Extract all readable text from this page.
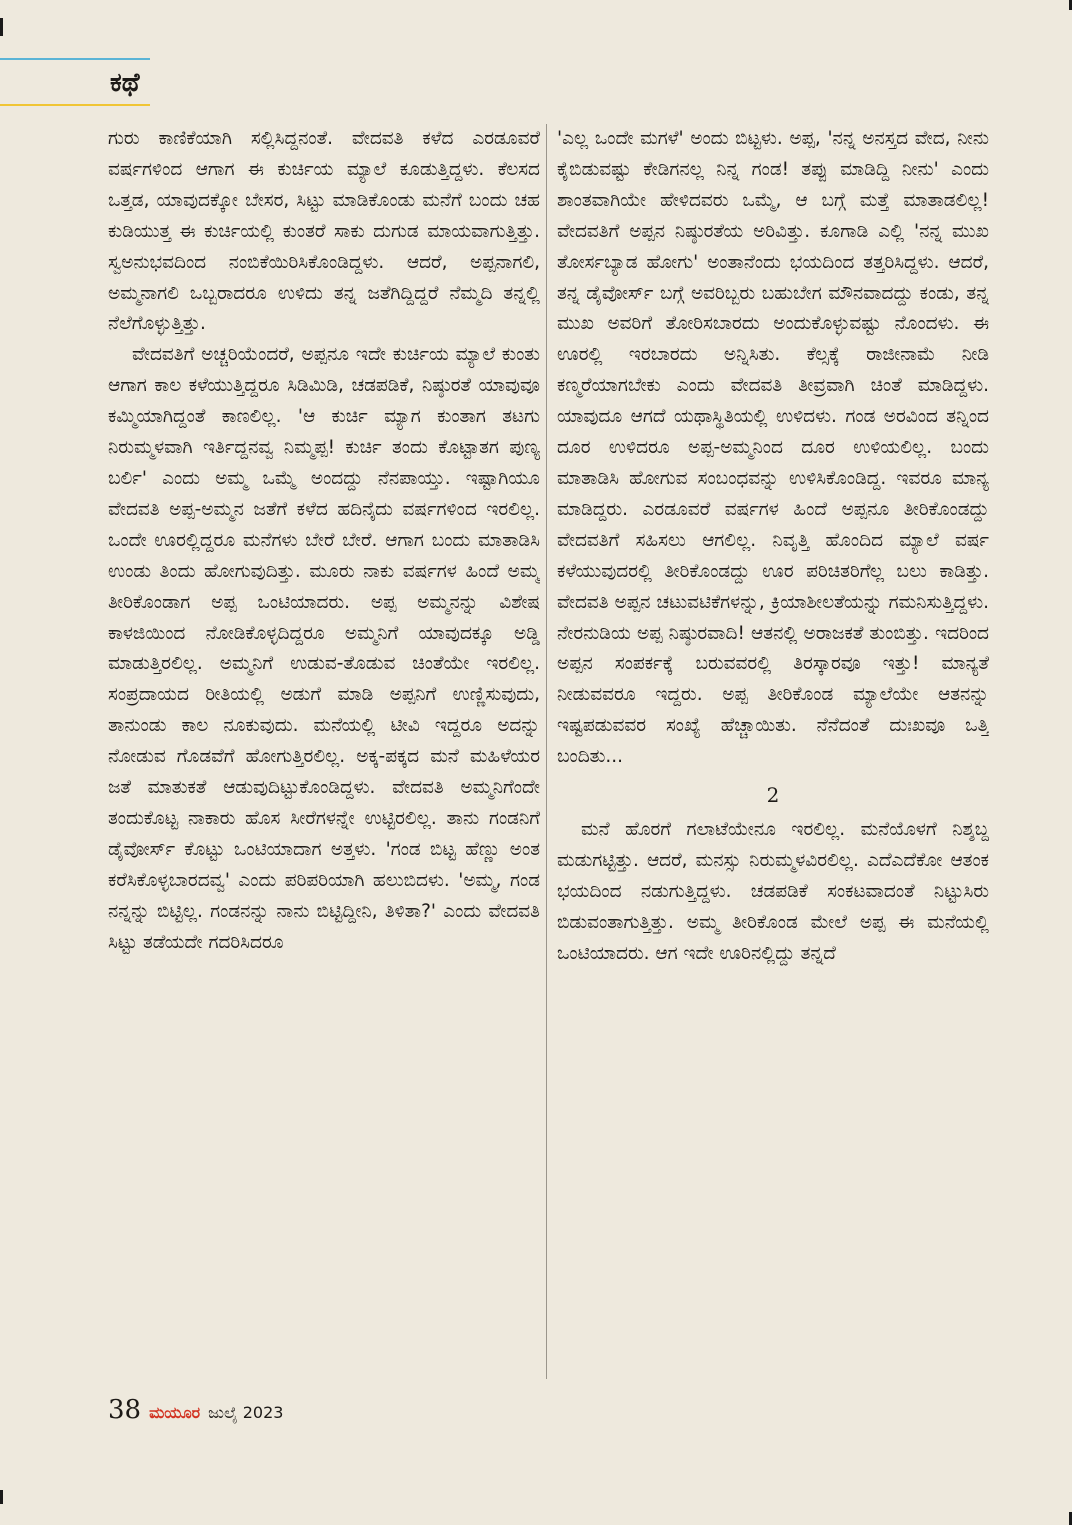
ಕಥೆ

ಗುರು ಕಾಣಿಕೆಯಾಗಿ ಸಲ್ಲಿಸಿದ್ದನಂತೆ. ವೇದವತಿ ಕಳೆದ ಎರಡೂವರೆ ವರ್ಷಗಳಿಂದ ಆಗಾಗ ಈ ಕುರ್ಚಿಯ ಮ್ಯಾಲೆ ಕೂಡುತ್ತಿದ್ದಳು. ಕೆಲಸದ ಒತ್ತಡ, ಯಾವುದಕ್ಕೋ ಬೇಸರ, ಸಿಟ್ಟು ಮಾಡಿಕೊಂಡು ಮನೆಗೆ ಬಂದು ಚಹ ಕುಡಿಯುತ್ತ ಈ ಕುರ್ಚಿಯಲ್ಲಿ ಕುಂತರೆ ಸಾಕು ದುಗುಡ ಮಾಯವಾಗುತ್ತಿತ್ತು. ಸ್ವಅನುಭವದಿಂದ ನಂಬಿಕೆಯಿರಿಸಿಕೊಂಡಿದ್ದಳು. ಆದರೆ, ಅಪ್ಪನಾಗಲಿ, ಅಮ್ಮನಾಗಲಿ ಒಬ್ಬರಾದರೂ ಉಳಿದು ತನ್ನ ಜತೆಗಿದ್ದಿದ್ದರೆ ನೆಮ್ಮದಿ ತನ್ನಲ್ಲಿ ನೆಲೆಗೊಳ್ಳುತ್ತಿತ್ತು.

ವೇದವತಿಗೆ ಅಚ್ಚರಿಯೆಂದರೆ, ಅಪ್ಪನೂ ಇದೇ ಕುರ್ಚಿಯ ಮ್ಯಾಲೆ ಕುಂತು ಆಗಾಗ ಕಾಲ ಕಳೆಯುತ್ತಿದ್ದರೂ ಸಿಡಿಮಿಡಿ, ಚಡಪಡಿಕೆ, ನಿಷ್ಠುರತೆ ಯಾವುವೂ ಕಮ್ಮಿಯಾಗಿದ್ದಂತೆ ಕಾಣಲಿಲ್ಲ. 'ಆ ಕುರ್ಚಿ ಮ್ಯಾಗ ಕುಂತಾಗ ತಟಗು ನಿರುಮ್ಮಳವಾಗಿ ಇರ್ತಿದ್ದನವ್ವ ನಿಮ್ಮಪ್ಪ! ಕುರ್ಚಿ ತಂದು ಕೊಟ್ಟಾತಗ ಪುಣ್ಯ ಬರ್ಲಿ' ಎಂದು ಅಮ್ಮ ಒಮ್ಮೆ ಅಂದದ್ದು ನೆನಪಾಯ್ತು. ಇಷ್ಟಾಗಿಯೂ ವೇದವತಿ ಅಪ್ಪ-ಅಮ್ಮನ ಜತೆಗೆ ಕಳೆದ ಹದಿನೈದು ವರ್ಷಗಳಿಂದ ಇರಲಿಲ್ಲ. ಒಂದೇ ಊರಲ್ಲಿದ್ದರೂ ಮನೆಗಳು ಬೇರೆ ಬೇರೆ. ಆಗಾಗ ಬಂದು ಮಾತಾಡಿಸಿ ಉಂಡು ತಿಂದು ಹೋಗುವುದಿತ್ತು. ಮೂರು ನಾಕು ವರ್ಷಗಳ ಹಿಂದೆ ಅಮ್ಮ ತೀರಿಕೊಂಡಾಗ ಅಪ್ಪ ಒಂಟಿಯಾದರು. ಅಪ್ಪ ಅಮ್ಮನನ್ನು ವಿಶೇಷ ಕಾಳಜಿಯಿಂದ ನೋಡಿಕೊಳ್ಳದಿದ್ದರೂ ಅಮ್ಮನಿಗೆ ಯಾವುದಕ್ಕೂ ಅಡ್ಡಿ ಮಾಡುತ್ತಿರಲಿಲ್ಲ. ಅಮ್ಮನಿಗೆ ಉಡುವ-ತೊಡುವ ಚಿಂತೆಯೇ ಇರಲಿಲ್ಲ. ಸಂಪ್ರದಾಯದ ರೀತಿಯಲ್ಲಿ ಅಡುಗೆ ಮಾಡಿ ಅಪ್ಪನಿಗೆ ಉಣ್ಣಿಸುವುದು, ತಾನುಂಡು ಕಾಲ ನೂಕುವುದು. ಮನೆಯಲ್ಲಿ ಟೀವಿ ಇದ್ದರೂ ಅದನ್ನು ನೋಡುವ ಗೊಡವೆಗೆ ಹೋಗುತ್ತಿರಲಿಲ್ಲ. ಅಕ್ಕ-ಪಕ್ಕದ ಮನೆ ಮಹಿಳೆಯರ ಜತೆ ಮಾತುಕತೆ ಆಡುವುದಿಟ್ಟುಕೊಂಡಿದ್ದಳು. ವೇದವತಿ ಅಮ್ಮನಿಗೆಂದೇ ತಂದುಕೊಟ್ಟ ನಾಕಾರು ಹೊಸ ಸೀರೆಗಳನ್ನೇ ಉಟ್ಟಿರಲಿಲ್ಲ. ತಾನು ಗಂಡನಿಗೆ ಡೈವೋರ್ಸ್ ಕೊಟ್ಟು ಒಂಟಿಯಾದಾಗ ಅತ್ತಳು. 'ಗಂಡ ಬಿಟ್ಟ ಹೆಣ್ಣು ಅಂತ ಕರೆಸಿಕೊಳ್ಳಬಾರದವ್ವ' ಎಂದು ಪರಿಪರಿಯಾಗಿ ಹಲುಬಿದಳು. 'ಅಮ್ಮ, ಗಂಡ ನನ್ನನ್ನು ಬಿಟ್ಟಿಲ್ಲ. ಗಂಡನನ್ನು ನಾನು ಬಿಟ್ಟಿದ್ದೀನಿ, ತಿಳಿತಾ?' ಎಂದು ವೇದವತಿ ಸಿಟ್ಟು ತಡೆಯದೇ ಗದರಿಸಿದರೂ

'ಎಲ್ಲ ಒಂದೇ ಮಗಳೆ' ಅಂದು ಬಿಟ್ಟಳು. ಅಪ್ಪ, 'ನನ್ನ ಅನಸ್ತದ ವೇದ, ನೀನು ಕೈಬಿಡುವಷ್ಟು ಕೇಡಿಗನಲ್ಲ ನಿನ್ನ ಗಂಡ! ತಪ್ಪು ಮಾಡಿದ್ದಿ ನೀನು' ಎಂದು ಶಾಂತವಾಗಿಯೇ ಹೇಳಿದವರು ಒಮ್ಮೆ, ಆ ಬಗ್ಗೆ ಮತ್ತೆ ಮಾತಾಡಲಿಲ್ಲ! ವೇದವತಿಗೆ ಅಪ್ಪನ ನಿಷ್ಠುರತೆಯ ಅರಿವಿತ್ತು. ಕೂಗಾಡಿ ಎಲ್ಲಿ 'ನನ್ನ ಮುಖ ತೋರ್ಸಬ್ಯಾಡ ಹೋಗು' ಅಂತಾನೆಂದು ಭಯದಿಂದ ತತ್ತರಿಸಿದ್ದಳು. ಆದರೆ, ತನ್ನ ಡೈವೋರ್ಸ್ ಬಗ್ಗೆ ಅವರಿಬ್ಬರು ಬಹುಬೇಗ ಮೌನವಾದದ್ದು ಕಂಡು, ತನ್ನ ಮುಖ ಅವರಿಗೆ ತೋರಿಸಬಾರದು ಅಂದುಕೊಳ್ಳುವಷ್ಟು ನೊಂದಳು. ಈ ಊರಲ್ಲಿ ಇರಬಾರದು ಅನ್ನಿಸಿತು. ಕೆಲ್ಸಕ್ಕೆ ರಾಜೀನಾಮೆ ನೀಡಿ ಕಣ್ಮರೆಯಾಗಬೇಕು ಎಂದು ವೇದವತಿ ತೀವ್ರವಾಗಿ ಚಿಂತೆ ಮಾಡಿದ್ದಳು. ಯಾವುದೂ ಆಗದೆ ಯಥಾಸ್ಥಿತಿಯಲ್ಲಿ ಉಳಿದಳು. ಗಂಡ ಅರವಿಂದ ತನ್ನಿಂದ ದೂರ ಉಳಿದರೂ ಅಪ್ಪ-ಅಮ್ಮನಿಂದ ದೂರ ಉಳಿಯಲಿಲ್ಲ. ಬಂದು ಮಾತಾಡಿಸಿ ಹೋಗುವ ಸಂಬಂಧವನ್ನು ಉಳಿಸಿಕೊಂಡಿದ್ದ. ಇವರೂ ಮಾನ್ಯ ಮಾಡಿದ್ದರು. ಎರಡೂವರೆ ವರ್ಷಗಳ ಹಿಂದೆ ಅಪ್ಪನೂ ತೀರಿಕೊಂಡದ್ದು ವೇದವತಿಗೆ ಸಹಿಸಲು ಆಗಲಿಲ್ಲ. ನಿವೃತ್ತಿ ಹೊಂದಿದ ಮ್ಯಾಲೆ ವರ್ಷ ಕಳೆಯುವುದರಲ್ಲಿ ತೀರಿಕೊಂಡದ್ದು ಊರ ಪರಿಚಿತರಿಗೆಲ್ಲ ಬಲು ಕಾಡಿತ್ತು. ವೇದವತಿ ಅಪ್ಪನ ಚಟುವಟಿಕೆಗಳನ್ನು, ಕ್ರಿಯಾಶೀಲತೆಯನ್ನು ಗಮನಿಸುತ್ತಿದ್ದಳು. ನೇರನುಡಿಯ ಅಪ್ಪ ನಿಷ್ಠುರವಾದಿ! ಆತನಲ್ಲಿ ಅರಾಜಕತೆ ತುಂಬಿತ್ತು. ಇದರಿಂದ ಅಪ್ಪನ ಸಂಪರ್ಕಕ್ಕೆ ಬರುವವರಲ್ಲಿ ತಿರಸ್ಕಾರವೂ ಇತ್ತು! ಮಾನ್ಯತೆ ನೀಡುವವರೂ ಇದ್ದರು. ಅಪ್ಪ ತೀರಿಕೊಂಡ ಮ್ಯಾಲೆಯೇ ಆತನನ್ನು ಇಷ್ಟಪಡುವವರ ಸಂಖ್ಯೆ ಹೆಚ್ಚಾಯಿತು. ನೆನೆದಂತೆ ದುಃಖವೂ ಒತ್ತಿ ಬಂದಿತು...

2

ಮನೆ ಹೊರಗೆ ಗಲಾಟೆಯೇನೂ ಇರಲಿಲ್ಲ. ಮನೆಯೊಳಗೆ ನಿಶ್ಶಬ್ದ ಮಡುಗಟ್ಟಿತ್ತು. ಆದರೆ, ಮನಸ್ಸು ನಿರುಮ್ಮಳವಿರಲಿಲ್ಲ. ಎದೆಎದೆಕೋ ಆತಂಕ ಭಯದಿಂದ ನಡುಗುತ್ತಿದ್ದಳು. ಚಡಪಡಿಕೆ ಸಂಕಟವಾದಂತೆ ನಿಟ್ಟುಸಿರು ಬಿಡುವಂತಾಗುತ್ತಿತ್ತು. ಅಮ್ಮ ತೀರಿಕೊಂಡ ಮೇಲೆ ಅಪ್ಪ ಈ ಮನೆಯಲ್ಲಿ ಒಂಟಿಯಾದರು. ಆಗ ಇದೇ ಊರಿನಲ್ಲಿದ್ದು ತನ್ನದೆ

38 ಮಯೂರ ಜುಲೈ 2023
